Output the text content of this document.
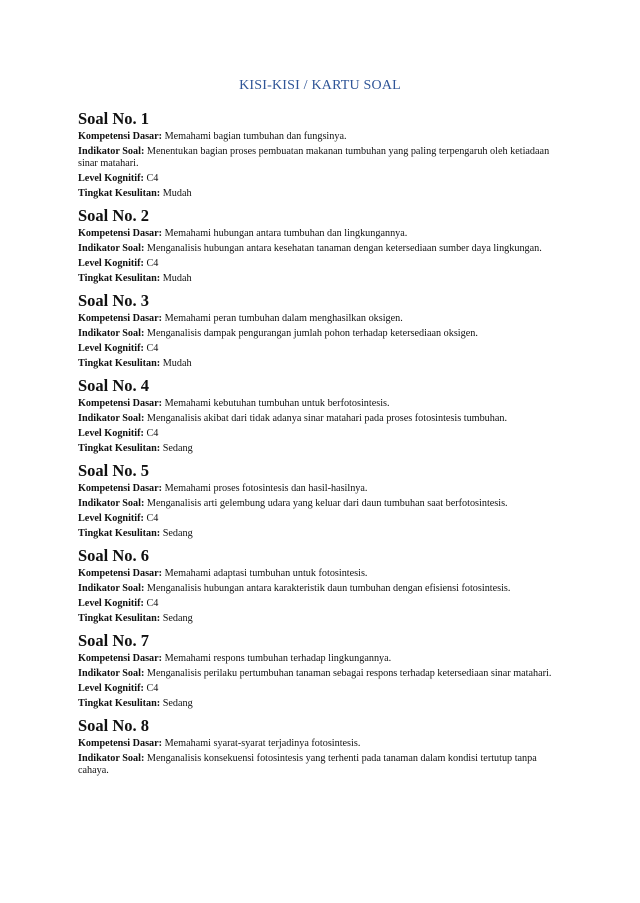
KISI-KISI / KARTU SOAL
Soal No. 1
Kompetensi Dasar: Memahami bagian tumbuhan dan fungsinya.
Indikator Soal: Menentukan bagian proses pembuatan makanan tumbuhan yang paling terpengaruh oleh ketiadaan sinar matahari.
Level Kognitif: C4
Tingkat Kesulitan: Mudah
Soal No. 2
Kompetensi Dasar: Memahami hubungan antara tumbuhan dan lingkungannya.
Indikator Soal: Menganalisis hubungan antara kesehatan tanaman dengan ketersediaan sumber daya lingkungan.
Level Kognitif: C4
Tingkat Kesulitan: Mudah
Soal No. 3
Kompetensi Dasar: Memahami peran tumbuhan dalam menghasilkan oksigen.
Indikator Soal: Menganalisis dampak pengurangan jumlah pohon terhadap ketersediaan oksigen.
Level Kognitif: C4
Tingkat Kesulitan: Mudah
Soal No. 4
Kompetensi Dasar: Memahami kebutuhan tumbuhan untuk berfotosintesis.
Indikator Soal: Menganalisis akibat dari tidak adanya sinar matahari pada proses fotosintesis tumbuhan.
Level Kognitif: C4
Tingkat Kesulitan: Sedang
Soal No. 5
Kompetensi Dasar: Memahami proses fotosintesis dan hasil-hasilnya.
Indikator Soal: Menganalisis arti gelembung udara yang keluar dari daun tumbuhan saat berfotosintesis.
Level Kognitif: C4
Tingkat Kesulitan: Sedang
Soal No. 6
Kompetensi Dasar: Memahami adaptasi tumbuhan untuk fotosintesis.
Indikator Soal: Menganalisis hubungan antara karakteristik daun tumbuhan dengan efisiensi fotosintesis.
Level Kognitif: C4
Tingkat Kesulitan: Sedang
Soal No. 7
Kompetensi Dasar: Memahami respons tumbuhan terhadap lingkungannya.
Indikator Soal: Menganalisis perilaku pertumbuhan tanaman sebagai respons terhadap ketersediaan sinar matahari.
Level Kognitif: C4
Tingkat Kesulitan: Sedang
Soal No. 8
Kompetensi Dasar: Memahami syarat-syarat terjadinya fotosintesis.
Indikator Soal: Menganalisis konsekuensi fotosintesis yang terhenti pada tanaman dalam kondisi tertutup tanpa cahaya.
